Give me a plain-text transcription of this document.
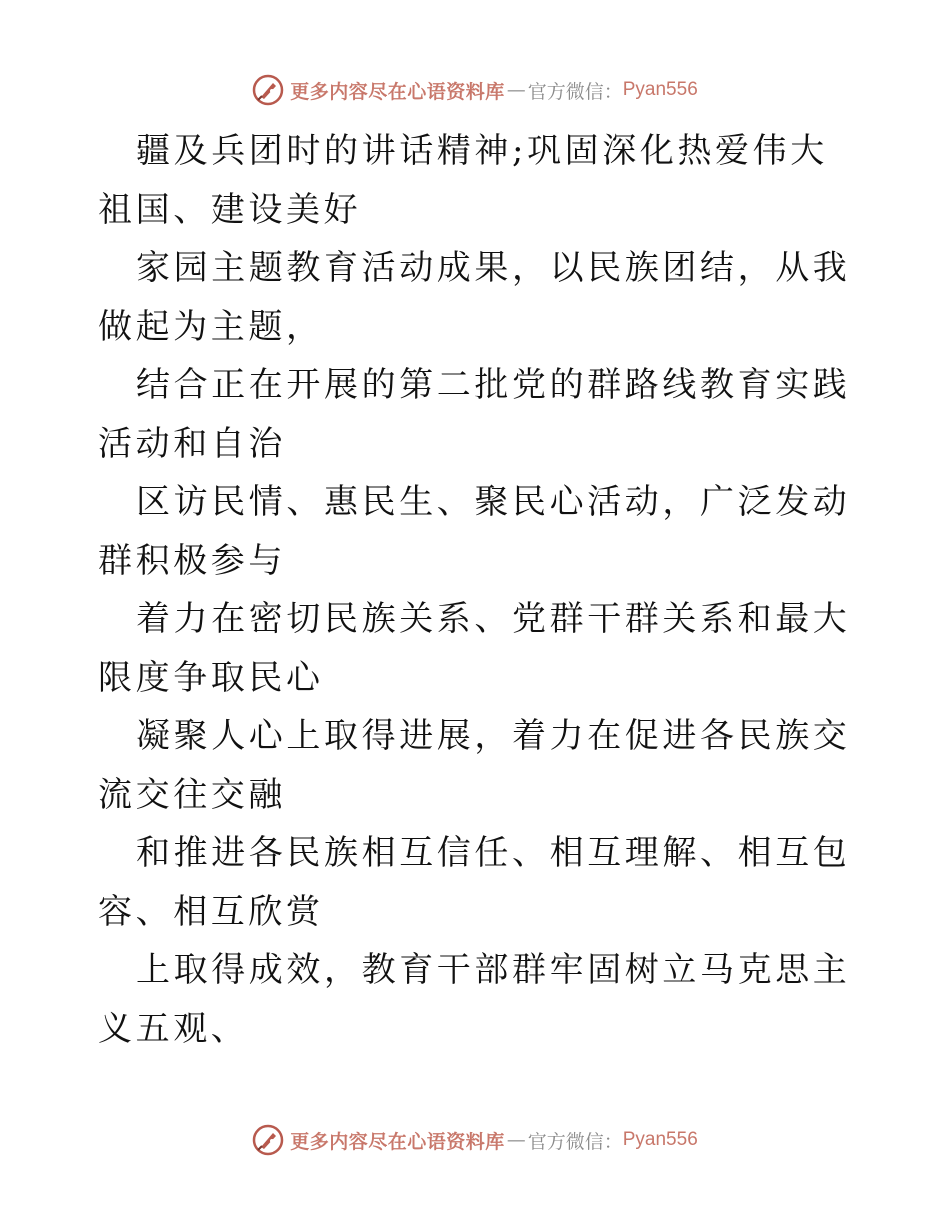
更多内容尽在心语资料库 — 官方微信： Pyan556

疆及兵团时的讲话精神;巩固深化热爱伟大祖国、建设美好

家园主题教育活动成果，以民族团结，从我做起为主题，

结合正在开展的第二批党的群路线教育实践活动和自治

区访民情、惠民生、聚民心活动，广泛发动群积极参与

着力在密切民族关系、党群干群关系和最大限度争取民心

凝聚人心上取得进展，着力在促进各民族交流交往交融

和推进各民族相互信任、相互理解、相互包容、相互欣赏

上取得成效，教育干部群牢固树立马克思主义五观、

更多内容尽在心语资料库 — 官方微信： Pyan556
